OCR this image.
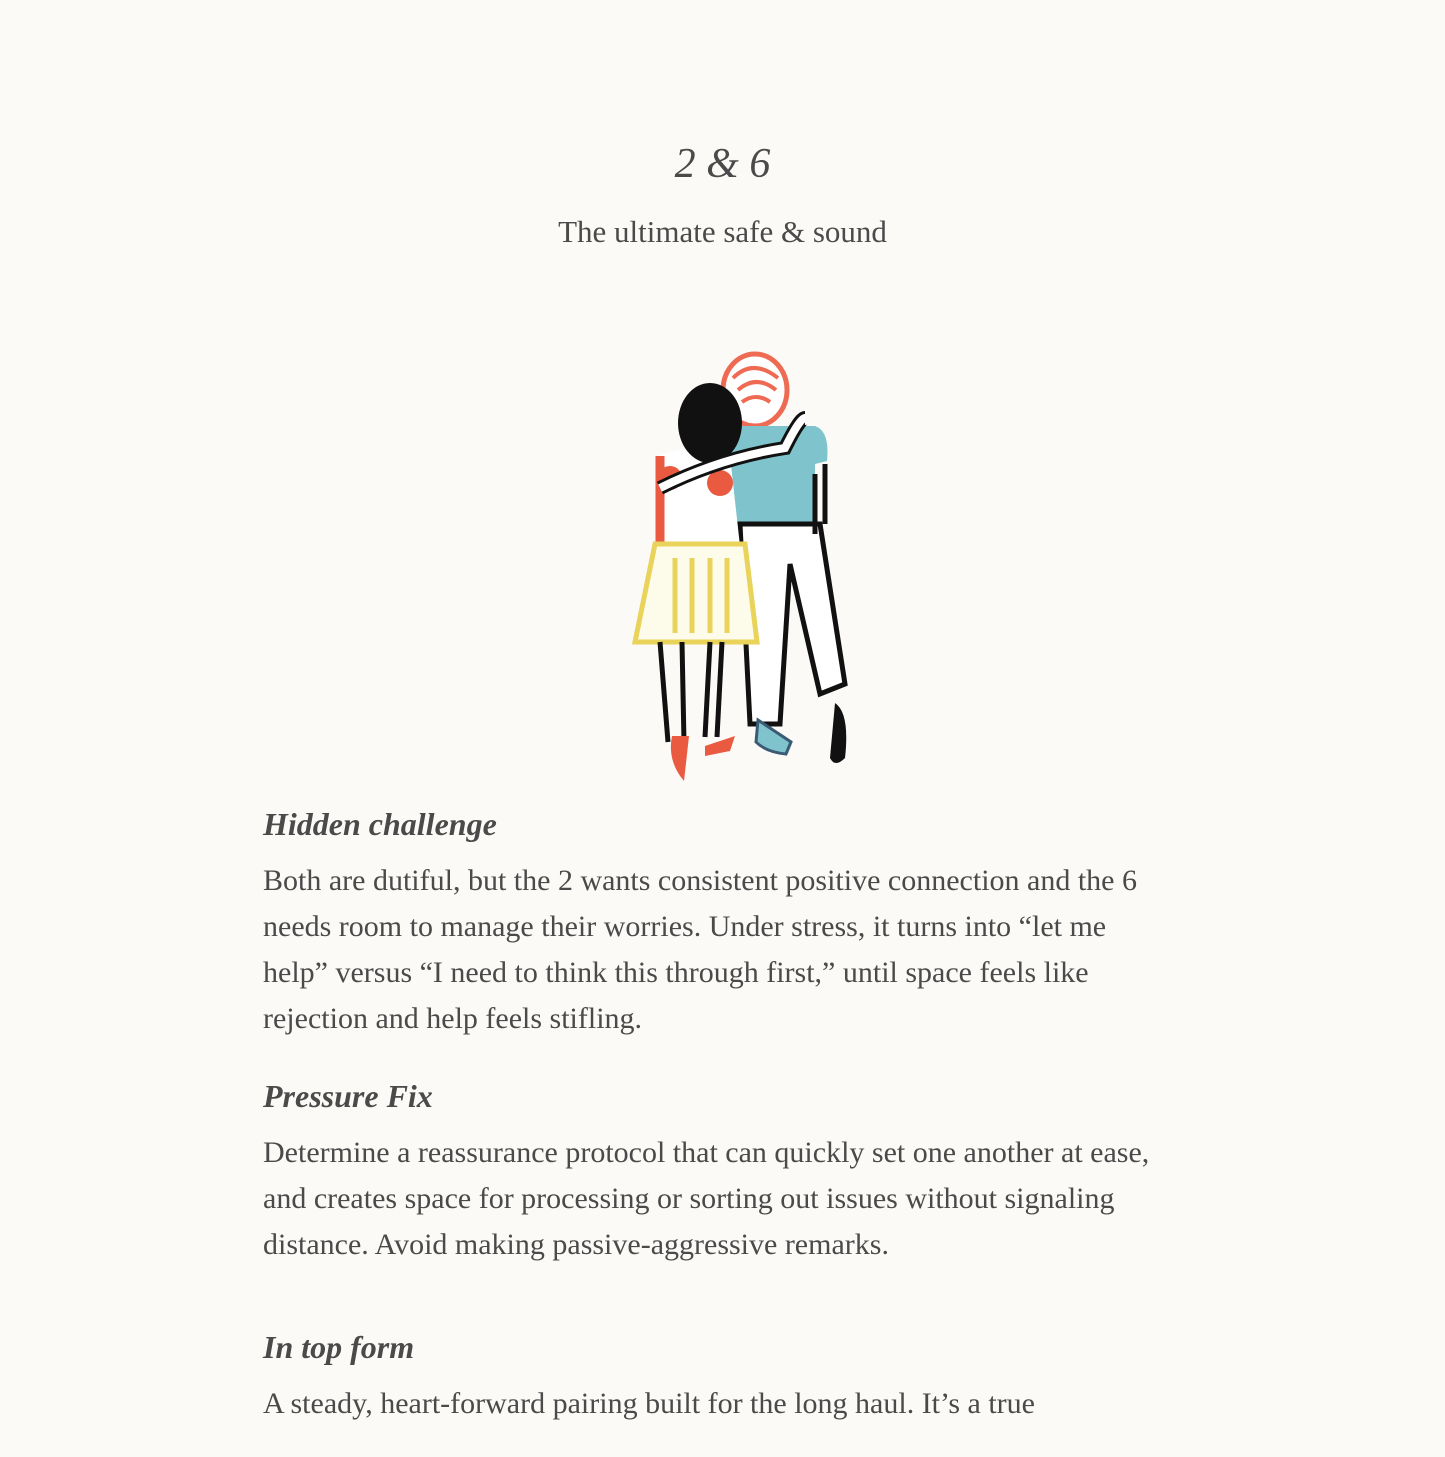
2 & 6
The ultimate safe & sound
Hidden challenge

Both are dutiful, but the 2 wants consistent positive connection and the 6 needs room to manage their worries. Under stress, it turns into “let me help” versus “I need to think this through first,” until space feels like rejection and help feels stifling.

Pressure Fix

Determine a reassurance protocol that can quickly set one another at ease, and creates space for processing or sorting out issues without signaling distance. Avoid making passive-aggressive remarks.

In top form

A steady, heart-forward pairing built for the long haul. It’s a true
